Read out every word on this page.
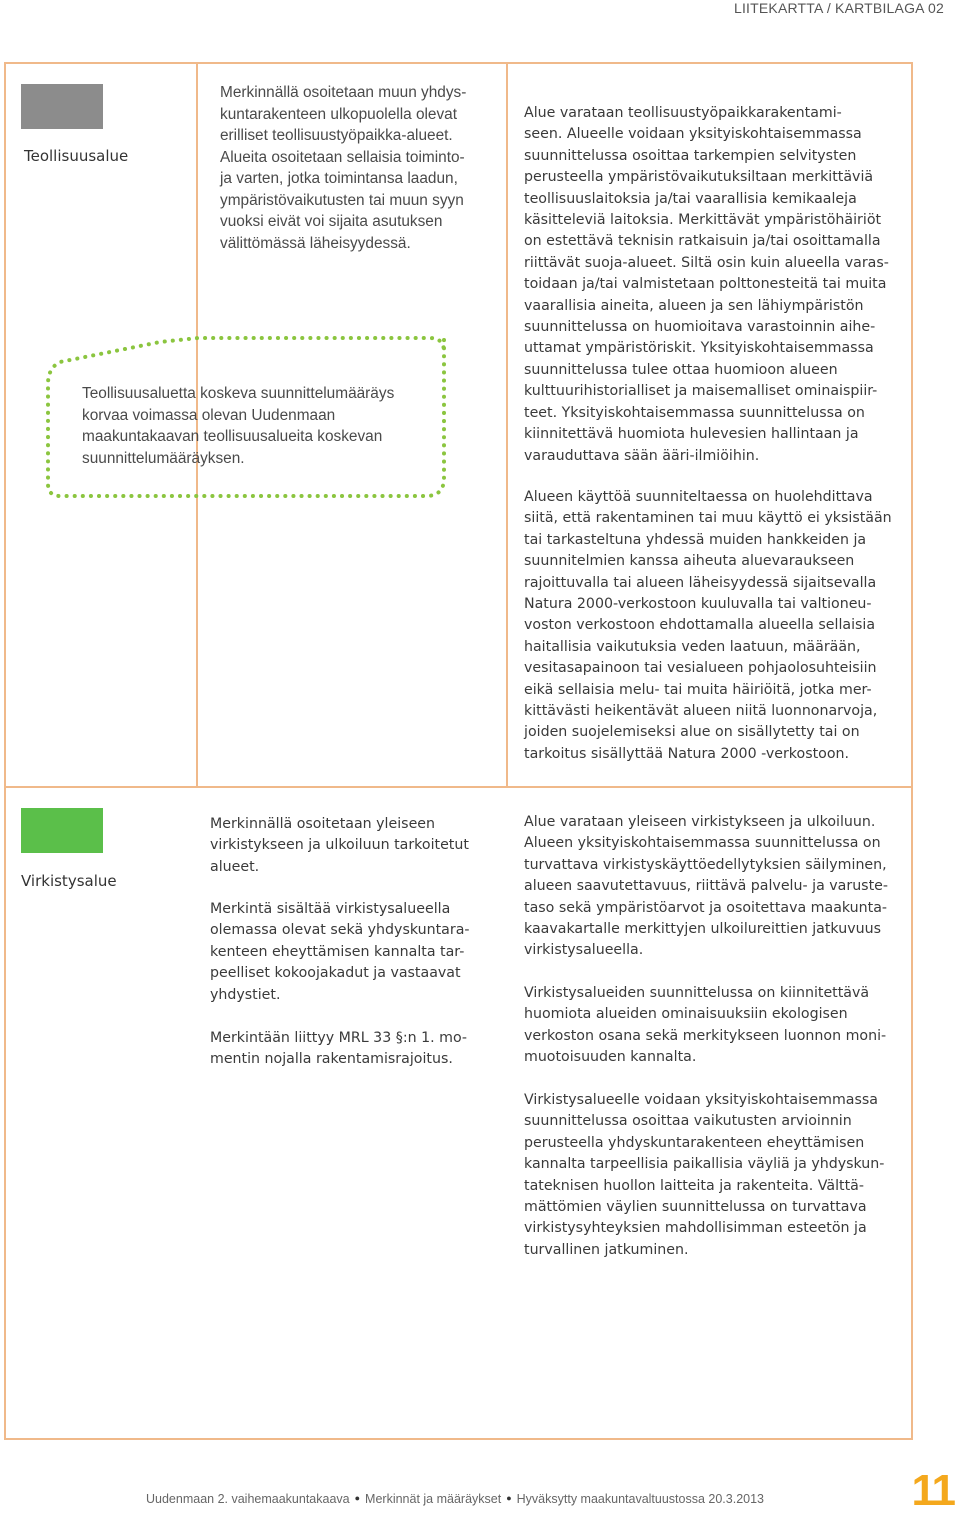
LIITEKARTTA / KARTBILAGA 02
Teollisuusalue
Merkinnällä osoitetaan muun yhdys-
kuntarakenteen ulkopuolella olevat
erilliset teollisuustyöpaikka-alueet.
Alueita osoitetaan sellaisia toiminto-
ja varten, jotka toimintansa laadun,
ympäristövaikutusten tai muun syyn
vuoksi eivät voi sijaita asutuksen
välittömässä läheisyydessä.
Teollisuusaluetta koskeva suunnittelumääräys
korvaa voimassa olevan Uudenmaan
maakuntakaavan teollisuusalueita koskevan
suunnittelumääräyksen.
Alue varataan teollisuustyöpaikkarakentami-
seen. Alueelle voidaan yksityiskohtaisemmassa
suunnittelussa osoittaa tarkempien selvitysten
perusteella ympäristövaikutuksiltaan merkittäviä
teollisuuslaitoksia ja/tai vaarallisia kemikaaleja
käsitteleviä laitoksia. Merkittävät ympäristöhäiriöt
on estettävä teknisin ratkaisuin ja/tai osoittamalla
riittävät suoja-alueet. Siltä osin kuin alueella varas-
toidaan ja/tai valmistetaan polttonesteitä tai muita
vaarallisia aineita, alueen ja sen lähiympäristön
suunnittelussa on huomioitava varastoinnin aihe-
uttamat ympäristöriskit. Yksityiskohtaisemmassa
suunnittelussa tulee ottaa huomioon alueen
kulttuurihistorialliset ja maisemalliset ominaispiir-
teet. Yksityiskohtaisemmassa suunnittelussa on
kiinnitettävä huomiota hulevesien hallintaan ja
varauduttava sään ääri-ilmiöihin.
Alueen käyttöä suunniteltaessa on huolehdittava
siitä, että rakentaminen tai muu käyttö ei yksistään
tai tarkasteltuna yhdessä muiden hankkeiden ja
suunnitelmien kanssa aiheuta aluevaraukseen
rajoittuvalla tai alueen läheisyydessä sijaitsevalla
Natura 2000-verkostoon kuuluvalla tai valtioneu-
voston verkostoon ehdottamalla alueella sellaisia
haitallisia vaikutuksia veden laatuun, määrään,
vesitasapainoon tai vesialueen pohjaolosuhteisiin
eikä sellaisia melu- tai muita häiriöitä, jotka mer-
kittävästi heikentävät alueen niitä luonnonarvoja,
joiden suojelemiseksi alue on sisällytetty tai on
tarkoitus sisällyttää Natura 2000 -verkostoon.
Virkistysalue
Merkinnällä osoitetaan yleiseen
virkistykseen ja ulkoiluun tarkoitetut
alueet.
Merkintä sisältää virkistysalueella
olemassa olevat sekä yhdyskuntara-
kenteen eheyttämisen kannalta tar-
peelliset kokoojakadut ja vastaavat
yhdystiet.
Merkintään liittyy MRL 33 §:n 1. mo-
mentin nojalla rakentamisrajoitus.
Alue varataan yleiseen virkistykseen ja ulkoiluun.
Alueen yksityiskohtaisemmassa suunnittelussa on
turvattava virkistyskäyttöedellytyksien säilyminen,
alueen saavutettavuus, riittävä palvelu- ja varuste-
taso sekä ympäristöarvot ja osoitettava maakunta-
kaavakartalle merkittyjen ulkoilureittien jatkuvuus
virkistysalueella.
Virkistysalueiden suunnittelussa on kiinnitettävä
huomiota alueiden ominaisuuksiin ekologisen
verkoston osana sekä merkitykseen luonnon moni-
muotoisuuden kannalta.
Virkistysalueelle voidaan yksityiskohtaisemmassa
suunnittelussa osoittaa vaikutusten arvioinnin
perusteella yhdyskuntarakenteen eheyttämisen
kannalta tarpeellisia paikallisia väyliä ja yhdyskun-
tateknisen huollon laitteita ja rakenteita. Välttä-
mättömien väylien suunnittelussa on turvattava
virkistysyhteyksien mahdollisimman esteetön ja
turvallinen jatkuminen.
Uudenmaan 2. vaihemaakuntakaava ● Merkinnät ja määräykset ● Hyväksytty maakuntavaltuustossa 20.3.2013	11
